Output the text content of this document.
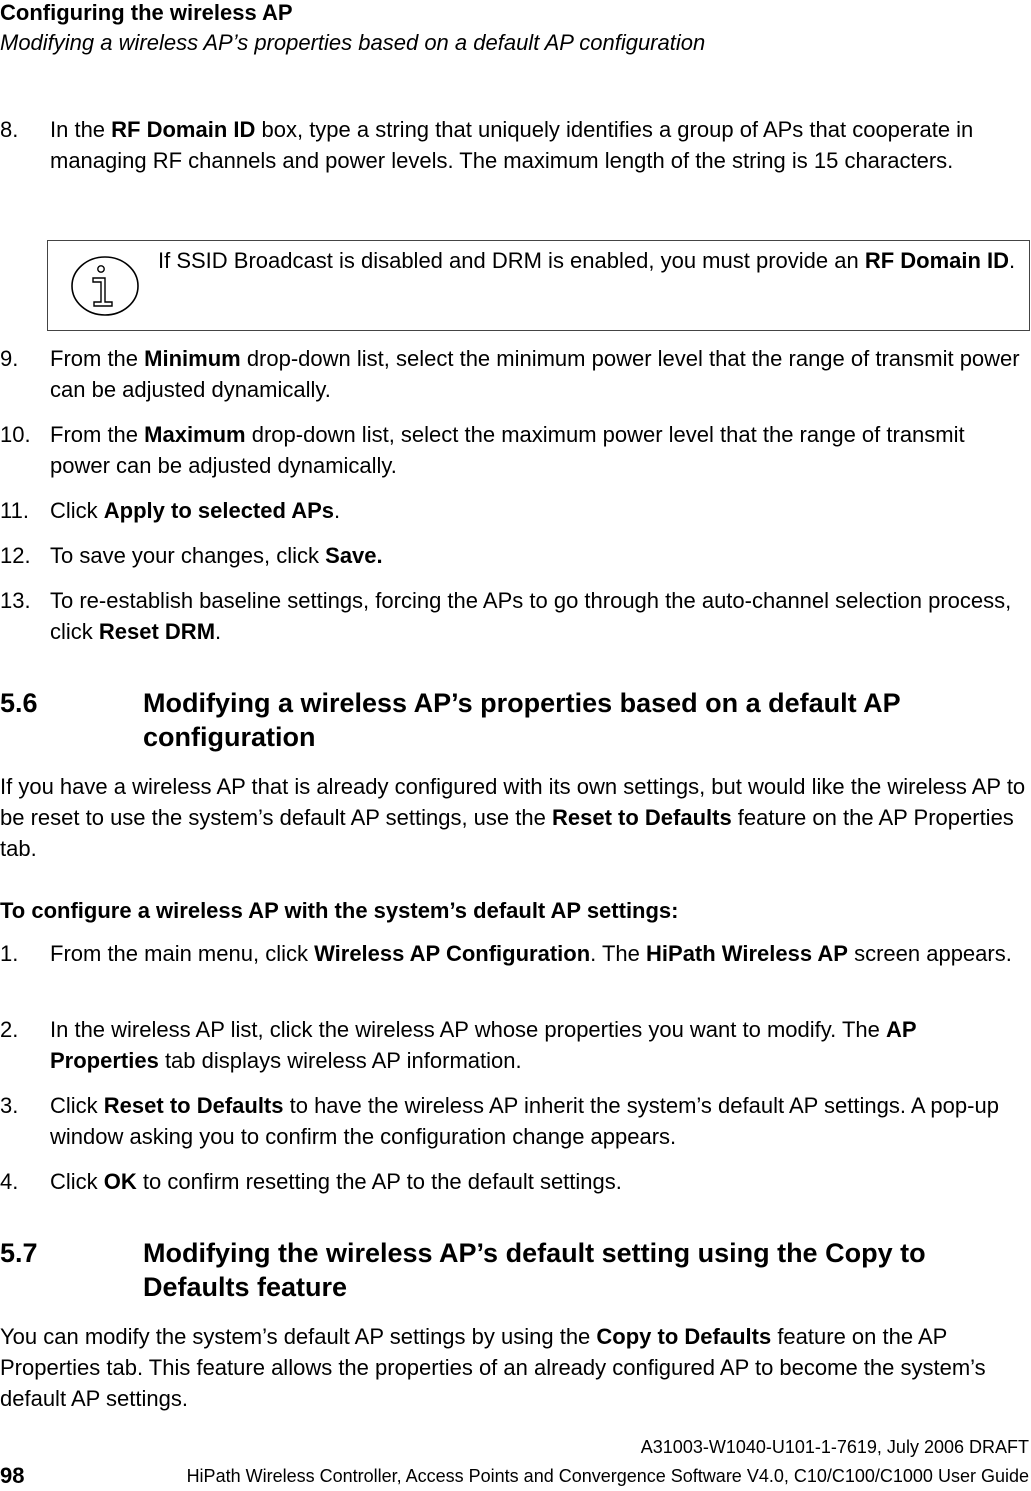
Configuring the wireless AP
Modifying a wireless AP’s properties based on a default AP configuration
8. In the RF Domain ID box, type a string that uniquely identifies a group of APs that cooperate in managing RF channels and power levels. The maximum length of the string is 15 characters.
If SSID Broadcast is disabled and DRM is enabled, you must provide an RF Domain ID.
9. From the Minimum drop-down list, select the minimum power level that the range of transmit power can be adjusted dynamically.
10. From the Maximum drop-down list, select the maximum power level that the range of transmit power can be adjusted dynamically.
11. Click Apply to selected APs.
12. To save your changes, click Save.
13. To re-establish baseline settings, forcing the APs to go through the auto-channel selection process, click Reset DRM.
5.6	Modifying a wireless AP’s properties based on a default AP configuration
If you have a wireless AP that is already configured with its own settings, but would like the wireless AP to be reset to use the system’s default AP settings, use the Reset to Defaults feature on the AP Properties tab.
To configure a wireless AP with the system’s default AP settings:
1. From the main menu, click Wireless AP Configuration. The HiPath Wireless AP screen appears.
2. In the wireless AP list, click the wireless AP whose properties you want to modify. The AP Properties tab displays wireless AP information.
3. Click Reset to Defaults to have the wireless AP inherit the system’s default AP settings. A pop-up window asking you to confirm the configuration change appears.
4. Click OK to confirm resetting the AP to the default settings.
5.7	Modifying the wireless AP’s default setting using the Copy to Defaults feature
You can modify the system’s default AP settings by using the Copy to Defaults feature on the AP Properties tab. This feature allows the properties of an already configured AP to become the system’s default AP settings.
A31003-W1040-U101-1-7619, July 2006 DRAFT
98	HiPath Wireless Controller, Access Points and Convergence Software V4.0, C10/C100/C1000 User Guide
